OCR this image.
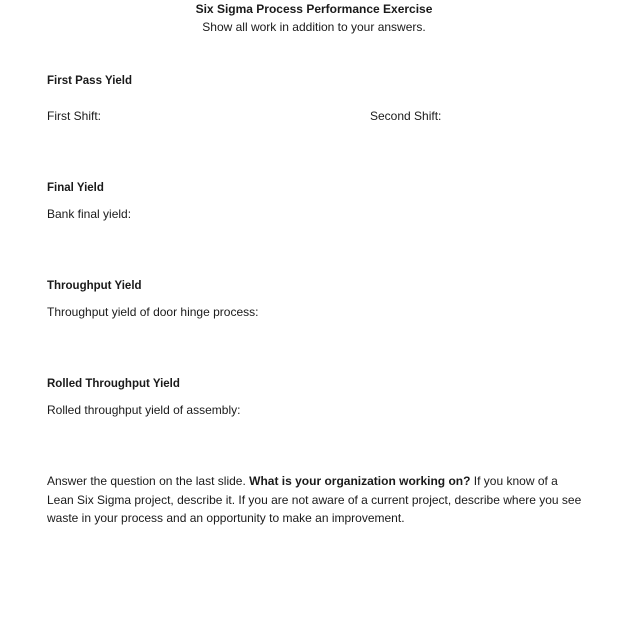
Six Sigma Process Performance Exercise
Show all work in addition to your answers.
First Pass Yield
First Shift:	Second Shift:
Final Yield
Bank final yield:
Throughput Yield
Throughput yield of door hinge process:
Rolled Throughput Yield
Rolled throughput yield of assembly:
Answer the question on the last slide. What is your organization working on? If you know of a Lean Six Sigma project, describe it. If you are not aware of a current project, describe where you see waste in your process and an opportunity to make an improvement.
